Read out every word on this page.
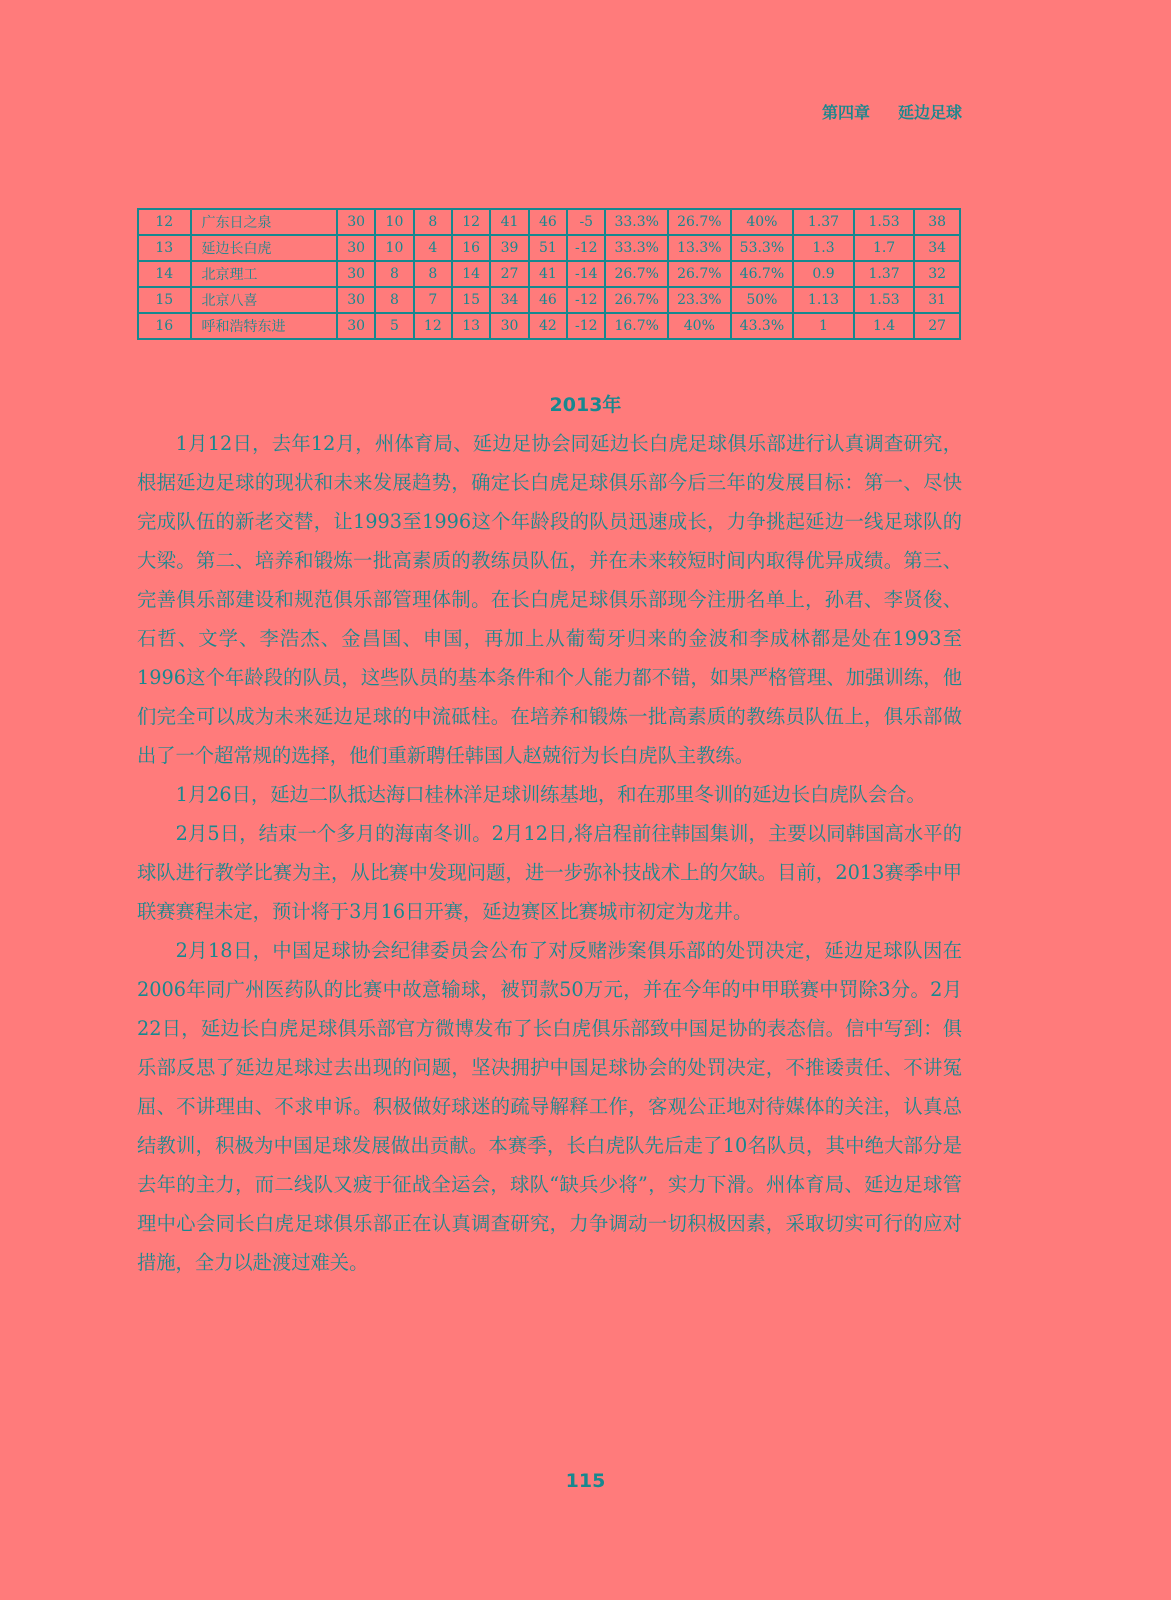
第四章 延边足球
12	广东日之泉	30	10	8	12	41	46	-5	33.3%	26.7%	40%	1.37	1.53	38
13	延边长白虎	30	10	4	16	39	51	-12	33.3%	13.3%	53.3%	1.3	1.7	34
14	北京理工	30	8	8	14	27	41	-14	26.7%	26.7%	46.7%	0.9	1.37	32
15	北京八喜	30	8	7	15	34	46	-12	26.7%	23.3%	50%	1.13	1.53	31
16	呼和浩特东进	30	5	12	13	30	42	-12	16.7%	40%	43.3%	1	1.4	27
2013年

1月12日，去年12月，州体育局、延边足协会同延边长白虎足球俱乐部进行认真调查研究，根据延边足球的现状和未来发展趋势，确定长白虎足球俱乐部今后三年的发展目标：第一、尽快完成队伍的新老交替，让1993至1996这个年龄段的队员迅速成长，力争挑起延边一线足球队的大梁。第二、培养和锻炼一批高素质的教练员队伍，并在未来较短时间内取得优异成绩。第三、完善俱乐部建设和规范俱乐部管理体制。在长白虎足球俱乐部现今注册名单上，孙君、李贤俊、石哲、文学、李浩杰、金昌国、申国，再加上从葡萄牙归来的金波和李成林都是处在1993至1996这个年龄段的队员，这些队员的基本条件和个人能力都不错，如果严格管理、加强训练，他们完全可以成为未来延边足球的中流砥柱。在培养和锻炼一批高素质的教练员队伍上，俱乐部做出了一个超常规的选择，他们重新聘任韩国人赵兢衍为长白虎队主教练。

1月26日，延边二队抵达海口桂林洋足球训练基地，和在那里冬训的延边长白虎队会合。

2月5日，结束一个多月的海南冬训。2月12日,将启程前往韩国集训，主要以同韩国高水平的球队进行教学比赛为主，从比赛中发现问题，进一步弥补技战术上的欠缺。目前，2013赛季中甲联赛赛程未定，预计将于3月16日开赛，延边赛区比赛城市初定为龙井。

2月18日，中国足球协会纪律委员会公布了对反赌涉案俱乐部的处罚决定，延边足球队因在2006年同广州医药队的比赛中故意输球，被罚款50万元，并在今年的中甲联赛中罚除3分。2月22日，延边长白虎足球俱乐部官方微博发布了长白虎俱乐部致中国足协的表态信。信中写到：俱乐部反思了延边足球过去出现的问题，坚决拥护中国足球协会的处罚决定，不推诿责任、不讲冤屈、不讲理由、不求申诉。积极做好球迷的疏导解释工作，客观公正地对待媒体的关注，认真总结教训，积极为中国足球发展做出贡献。本赛季，长白虎队先后走了10名队员，其中绝大部分是去年的主力，而二线队又疲于征战全运会，球队“缺兵少将”，实力下滑。州体育局、延边足球管理中心会同长白虎足球俱乐部正在认真调查研究，力争调动一切积极因素，采取切实可行的应对措施，全力以赴渡过难关。

115
